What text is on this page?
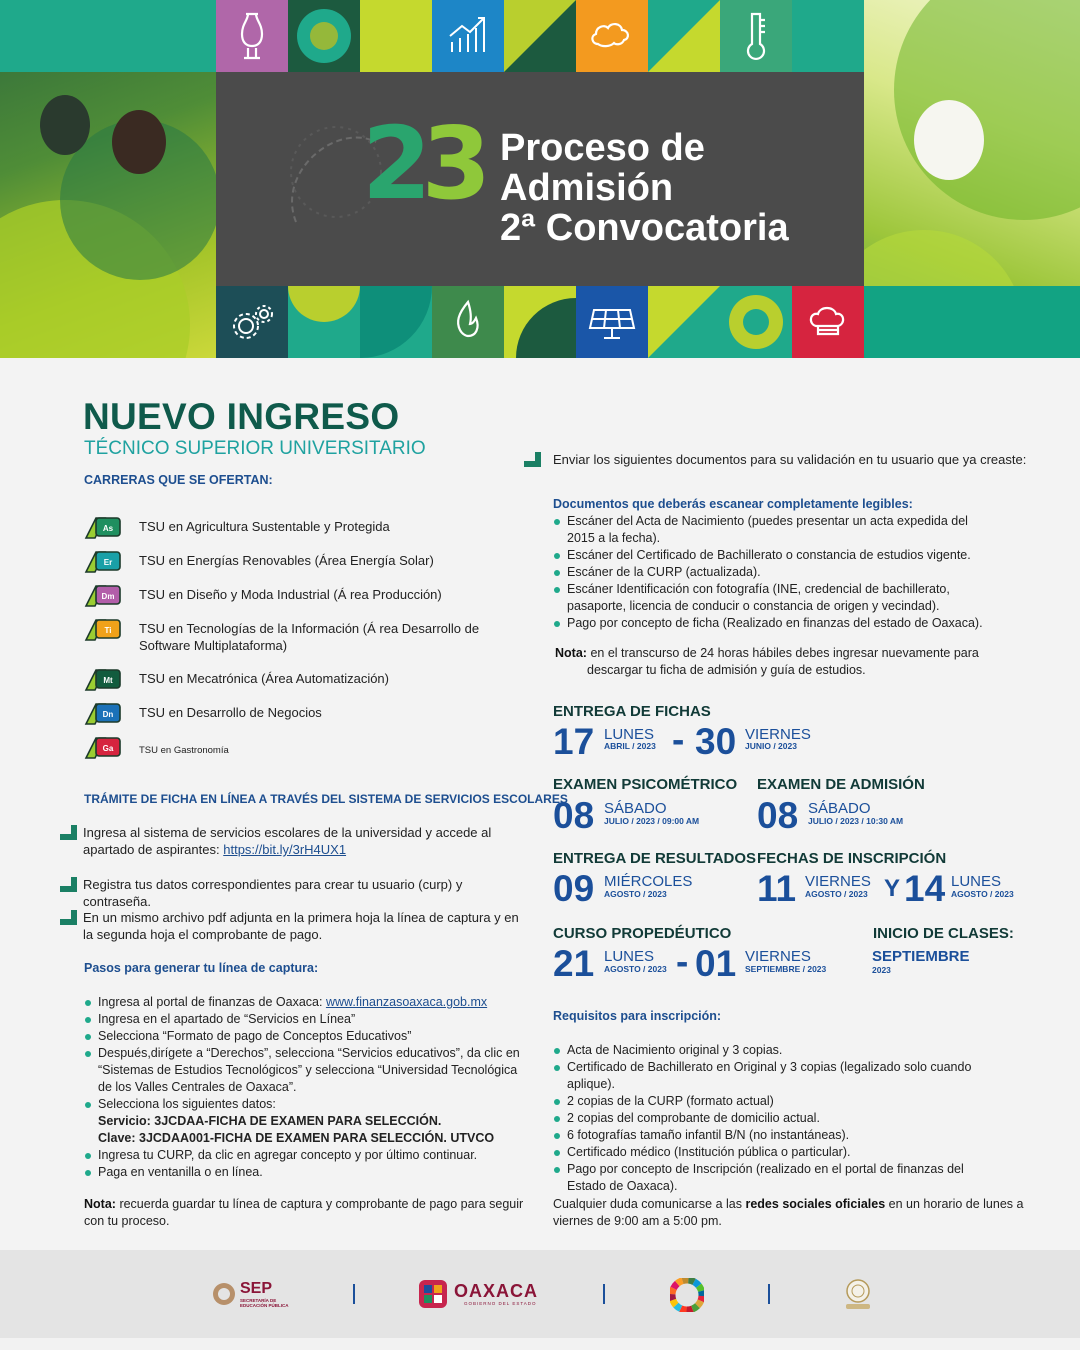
23 Proceso de
Admisión
2ª Convocatoria
NUEVO INGRESO
TÉCNICO SUPERIOR UNIVERSITARIO
CARRERAS QUE SE OFERTAN:
As TSU en Agricultura Sustentable y Protegida
Er TSU en Energías Renovables (Área Energía Solar)
Dm TSU en Diseño y Moda Industrial (Á rea Producción)
Ti TSU en Tecnologías de la Información (Á rea Desarrollo de Software Multiplataforma)
Mt TSU en Mecatrónica (Área Automatización)
Dn TSU en Desarrollo de Negocios
Ga	TSU en Gastronomía
TRÁMITE DE FICHA EN LÍNEA A TRAVÉS DEL SISTEMA DE SERVICIOS ESCOLARES
Ingresa al sistema de servicios escolares de la universidad y accede al apartado de aspirantes: https://bit.ly/3rH4UX1
Registra tus datos correspondientes para crear tu usuario (curp) y contraseña.
En un mismo archivo pdf adjunta en la primera hoja la línea de captura y en la segunda hoja el comprobante de pago.
Pasos para generar tu línea de captura:
Ingresa al portal de finanzas de Oaxaca: www.finanzasoaxaca.gob.mx
Ingresa en el apartado de “Servicios en Línea”
Selecciona “Formato de pago de Conceptos Educativos”
Después,dirígete a “Derechos”, selecciona “Servicios educativos”, da clic en “Sistemas de Estudios Tecnológicos” y selecciona “Universidad Tecnológica de los Valles Centrales de Oaxaca”.
Selecciona los siguientes datos:
Servicio: 3JCDAA-FICHA DE EXAMEN PARA SELECCIÓN.
Clave: 3JCDAA001-FICHA DE EXAMEN PARA SELECCIÓN. UTVCO
Ingresa tu CURP, da clic en agregar concepto y por último continuar.
Paga en ventanilla o en línea.
Nota: recuerda guardar tu línea de captura y comprobante de pago para seguir con tu proceso.
Enviar los siguientes documentos para su validación en tu usuario que ya creaste:
Documentos que deberás escanear completamente legibles:
Escáner del Acta de Nacimiento (puedes presentar un acta expedida del 2015 a la fecha).
Escáner del Certificado de Bachillerato o constancia de estudios vigente.
Escáner de la CURP (actualizada).
Escáner Identificación con fotografía (INE, credencial de bachillerato, pasaporte, licencia de conducir o constancia de origen y vecindad).
Pago por concepto de ficha (Realizado en finanzas del estado de Oaxaca).
Nota: en el transcurso de 24 horas hábiles debes ingresar nuevamente para descargar tu ficha de admisión y guía de estudios.
ENTREGA DE FICHAS
17 LUNES
ABRIL / 2023 - 30 VIERNES
JUNIO / 2023
EXAMEN PSICOMÉTRICO
08 SÁBADO
JULIO / 2023 / 09:00 AM
EXAMEN DE ADMISIÓN
08 SÁBADO
JULIO / 2023 / 10:30 AM
ENTREGA DE RESULTADOS
09 MIÉRCOLES
AGOSTO / 2023
FECHAS DE INSCRIPCIÓN
11 VIERNES
AGOSTO / 2023 Y 14 LUNES
AGOSTO / 2023
CURSO PROPEDÉUTICO
21 LUNES
AGOSTO / 2023 - 01 VIERNES
SEPTIEMBRE / 2023
INICIO DE CLASES:
SEPTIEMBRE
2023
Requisitos para inscripción:
Acta de Nacimiento original y 3 copias.
Certificado de Bachillerato en Original y 3 copias (legalizado solo cuando aplique).
2 copias de la CURP (formato actual)
2 copias del comprobante de domicilio actual.
6 fotografías tamaño infantil B/N (no instantáneas).
Certificado médico (Institución pública o particular).
Pago por concepto de Inscripción (realizado en el portal de finanzas del Estado de Oaxaca).
Cualquier duda comunicarse a las redes sociales oficiales en un horario de lunes a viernes de 9:00 am a 5:00 pm.
SEP
SECRETARÍA DE EDUCACIÓN PÚBLICA
OAXACA
GOBIERNO DEL ESTADO
